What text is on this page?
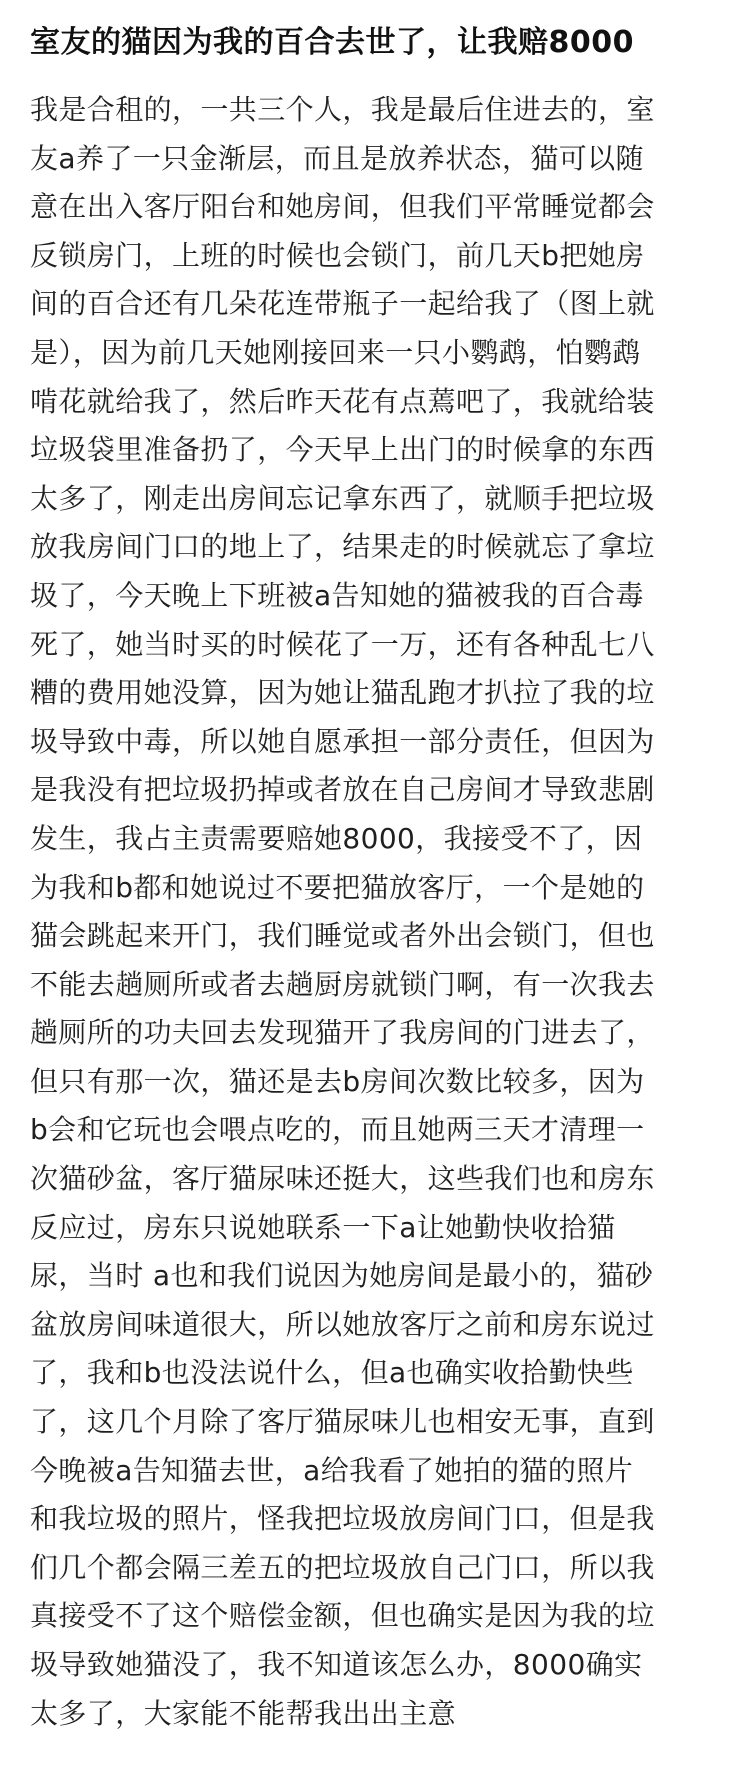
室友的猫因为我的百合去世了，让我赔8000
我是合租的，一共三个人，我是最后住进去的，室
友a养了一只金渐层，而且是放养状态，猫可以随
意在出入客厅阳台和她房间，但我们平常睡觉都会
反锁房门，上班的时候也会锁门，前几天b把她房
间的百合还有几朵花连带瓶子一起给我了（图上就
是），因为前几天她刚接回来一只小鹦鹉，怕鹦鹉
啃花就给我了，然后昨天花有点蔫吧了，我就给装
垃圾袋里准备扔了，今天早上出门的时候拿的东西
太多了，刚走出房间忘记拿东西了，就顺手把垃圾
放我房间门口的地上了，结果走的时候就忘了拿垃
圾了，今天晚上下班被a告知她的猫被我的百合毒
死了，她当时买的时候花了一万，还有各种乱七八
糟的费用她没算，因为她让猫乱跑才扒拉了我的垃
圾导致中毒，所以她自愿承担一部分责任，但因为
是我没有把垃圾扔掉或者放在自己房间才导致悲剧
发生，我占主责需要赔她8000，我接受不了，因
为我和b都和她说过不要把猫放客厅，一个是她的
猫会跳起来开门，我们睡觉或者外出会锁门，但也
不能去趟厕所或者去趟厨房就锁门啊，有一次我去
趟厕所的功夫回去发现猫开了我房间的门进去了，
但只有那一次，猫还是去b房间次数比较多，因为
b会和它玩也会喂点吃的，而且她两三天才清理一
次猫砂盆，客厅猫尿味还挺大，这些我们也和房东
反应过，房东只说她联系一下a让她勤快收拾猫
尿，当时 a也和我们说因为她房间是最小的，猫砂
盆放房间味道很大，所以她放客厅之前和房东说过
了，我和b也没法说什么，但a也确实收拾勤快些
了，这几个月除了客厅猫尿味儿也相安无事，直到
今晚被a告知猫去世，a给我看了她拍的猫的照片
和我垃圾的照片，怪我把垃圾放房间门口，但是我
们几个都会隔三差五的把垃圾放自己门口，所以我
真接受不了这个赔偿金额，但也确实是因为我的垃
圾导致她猫没了，我不知道该怎么办，8000确实
太多了，大家能不能帮我出出主意
